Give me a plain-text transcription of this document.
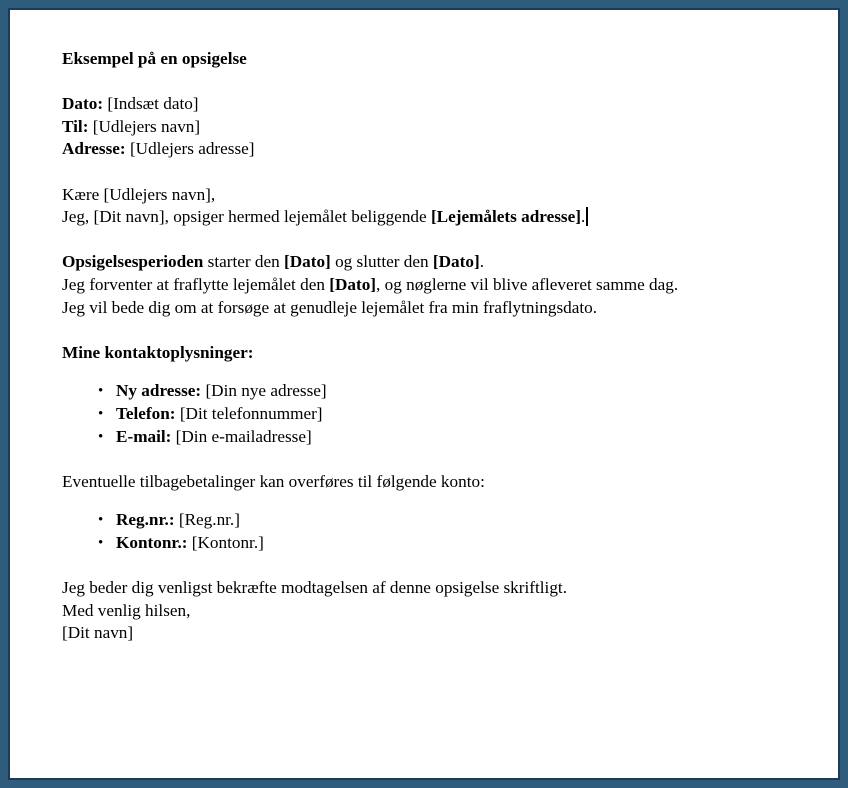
Eksempel på en opsigelse

Dato: [Indsæt dato]

Til: [Udlejers navn]

Adresse: [Udlejers adresse]

Kære [Udlejers navn],

Jeg, [Dit navn], opsiger hermed lejemålet beliggende [Lejemålets adresse].

Opsigelsesperioden starter den [Dato] og slutter den [Dato].

Jeg forventer at fraflytte lejemålet den [Dato], og nøglerne vil blive afleveret samme dag.

Jeg vil bede dig om at forsøge at genudleje lejemålet fra min fraflytningsdato.

Mine kontaktoplysninger:

• Ny adresse: [Din nye adresse]
• Telefon: [Dit telefonnummer]
• E-mail: [Din e-mailadresse]

Eventuelle tilbagebetalinger kan overføres til følgende konto:

• Reg.nr.: [Reg.nr.]
• Kontonr.: [Kontonr.]

Jeg beder dig venligst bekræfte modtagelsen af denne opsigelse skriftligt.

Med venlig hilsen,

[Dit navn]
